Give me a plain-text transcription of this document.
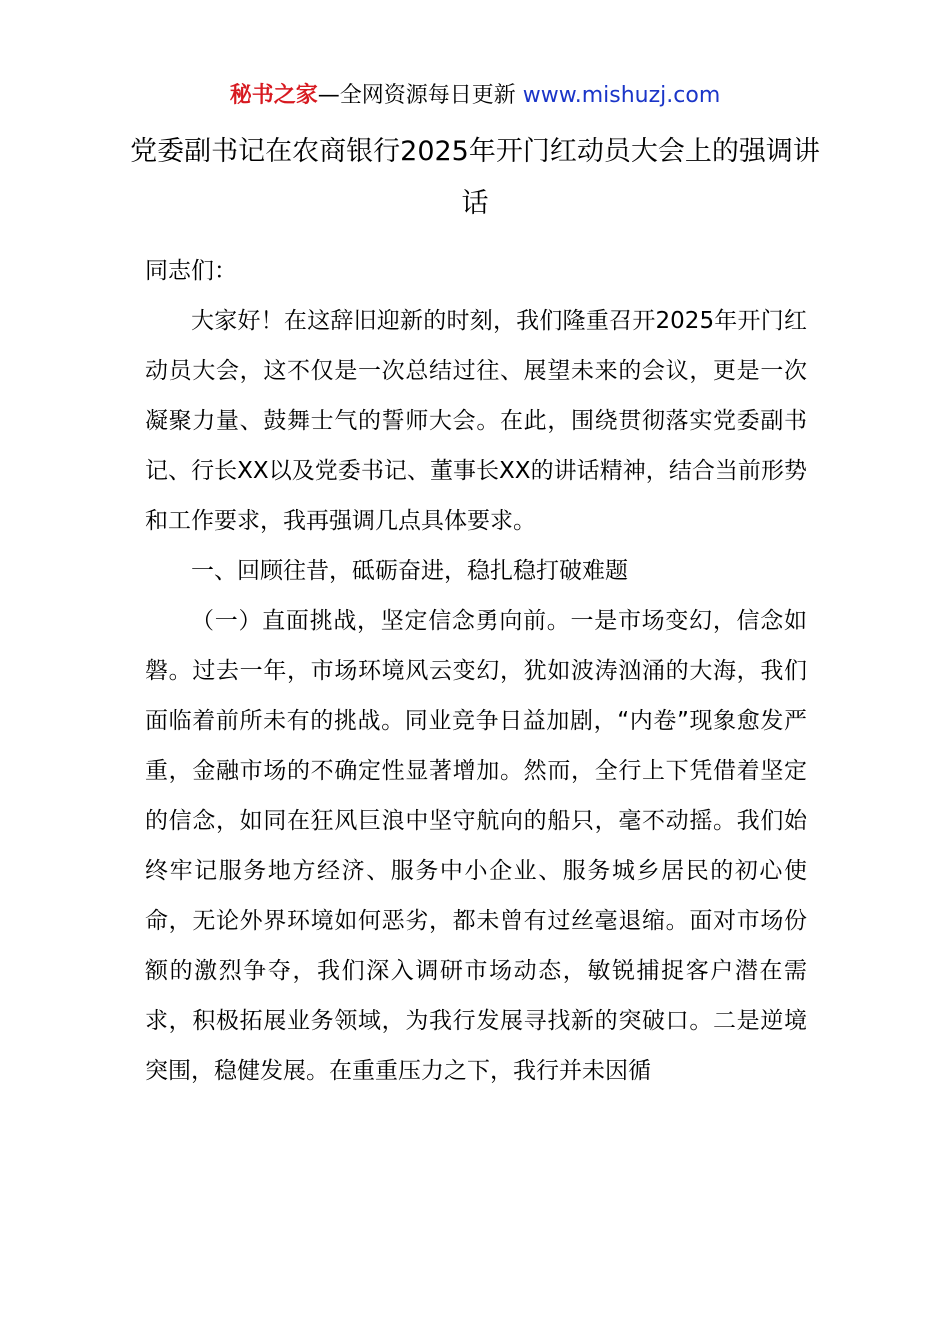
秘书之家—全网资源每日更新 www.mishuzj.com
党委副书记在农商银行2025年开门红动员大会上的强调讲话

同志们：

大家好！在这辞旧迎新的时刻，我们隆重召开2025年开门红动员大会，这不仅是一次总结过往、展望未来的会议，更是一次凝聚力量、鼓舞士气的誓师大会。在此，围绕贯彻落实党委副书记、行长XX以及党委书记、董事长XX的讲话精神，结合当前形势和工作要求，我再强调几点具体要求。

一、回顾往昔，砥砺奋进，稳扎稳打破难题

（一）直面挑战，坚定信念勇向前。一是市场变幻，信念如磐。过去一年，市场环境风云变幻，犹如波涛汹涌的大海，我们面临着前所未有的挑战。同业竞争日益加剧，“内卷”现象愈发严重，金融市场的不确定性显著增加。然而，全行上下凭借着坚定的信念，如同在狂风巨浪中坚守航向的船只，毫不动摇。我们始终牢记服务地方经济、服务中小企业、服务城乡居民的初心使命，无论外界环境如何恶劣，都未曾有过丝毫退缩。面对市场份额的激烈争夺，我们深入调研市场动态，敏锐捕捉客户潜在需求，积极拓展业务领域，为我行发展寻找新的突破口。二是逆境突围，稳健发展。在重重压力之下，我行并未因循
